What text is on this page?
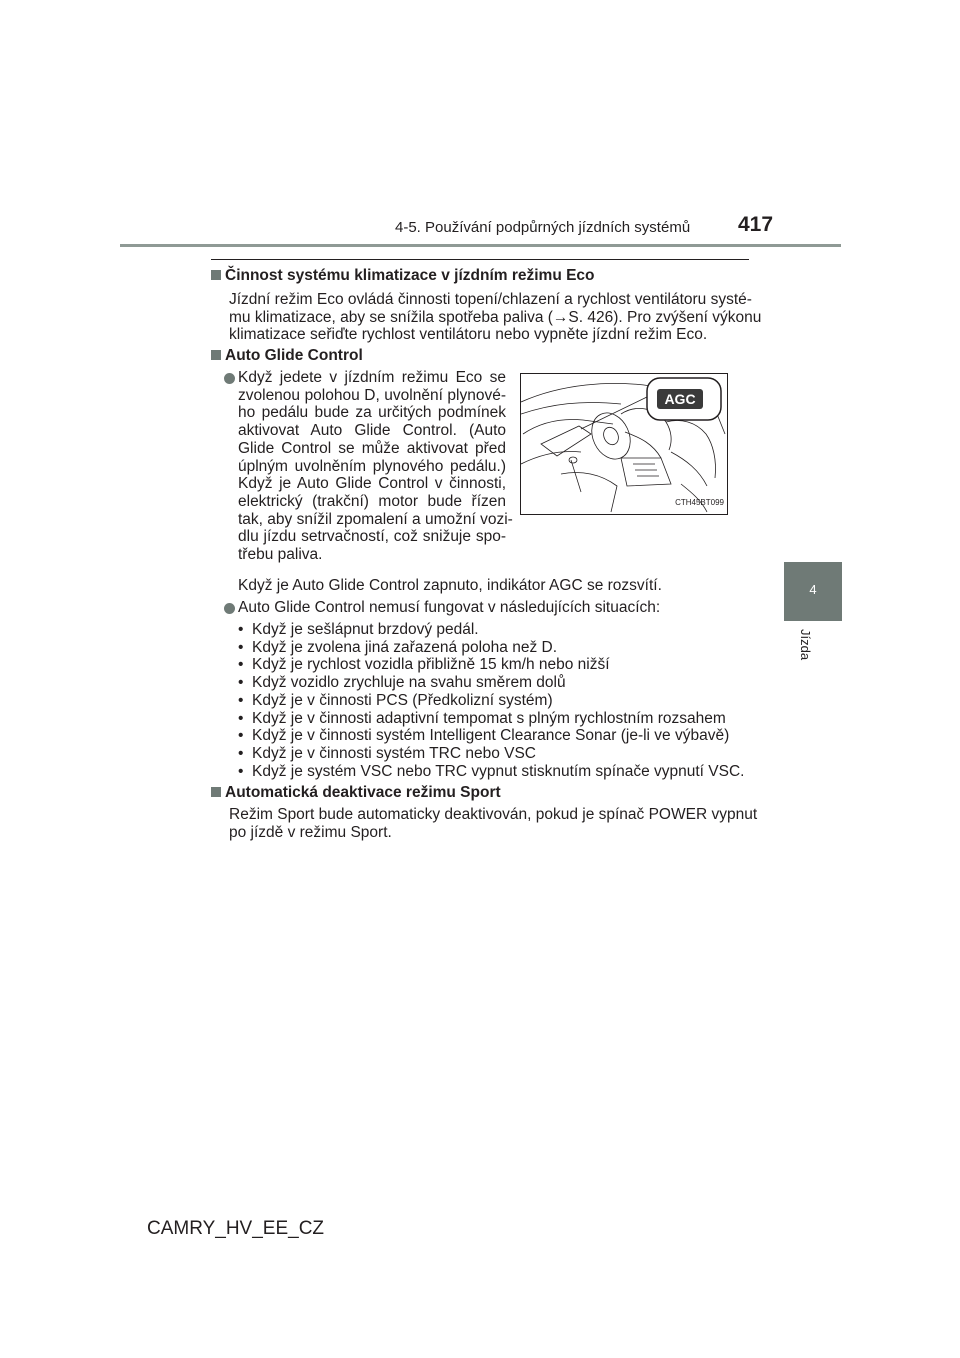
4-5. Používání podpůrných jízdních systémů 417
4
Jízda
Činnost systému klimatizace v jízdním režimu Eco
Jízdní režim Eco ovládá činnosti topení/chlazení a rychlost ventilátoru systé-
mu klimatizace, aby se snížila spotřeba paliva (→S. 426). Pro zvýšení výkonu
klimatizace seřiďte rychlost ventilátoru nebo vypněte jízdní režim Eco.
Auto Glide Control
Když jedete v jízdním režimu Eco se
zvolenou polohou D, uvolnění plynové-
ho pedálu bude za určitých podmínek
aktivovat Auto Glide Control. (Auto
Glide Control se může aktivovat před
úplným uvolněním plynového pedálu.)
Když je Auto Glide Control v činnosti,
elektrický (trakční) motor bude řízen
tak, aby snížil zpomalení a umožní vozi-
dlu jízdu setrvačností, což snižuje spo-
třebu paliva.
AGC
CTH45BT099
Když je Auto Glide Control zapnuto, indikátor AGC se rozsvítí.
Auto Glide Control nemusí fungovat v následujících situacích:
• Když je sešlápnut brzdový pedál.
• Když je zvolena jiná zařazená poloha než D.
• Když je rychlost vozidla přibližně 15 km/h nebo nižší
• Když vozidlo zrychluje na svahu směrem dolů
• Když je v činnosti PCS (Předkolizní systém)
• Když je v činnosti adaptivní tempomat s plným rychlostním rozsahem
• Když je v činnosti systém Intelligent Clearance Sonar (je-li ve výbavě)
• Když je v činnosti systém TRC nebo VSC
• Když je systém VSC nebo TRC vypnut stisknutím spínače vypnutí VSC.
Automatická deaktivace režimu Sport
Režim Sport bude automaticky deaktivován, pokud je spínač POWER vypnut
po jízdě v režimu Sport.
CAMRY_HV_EE_CZ
